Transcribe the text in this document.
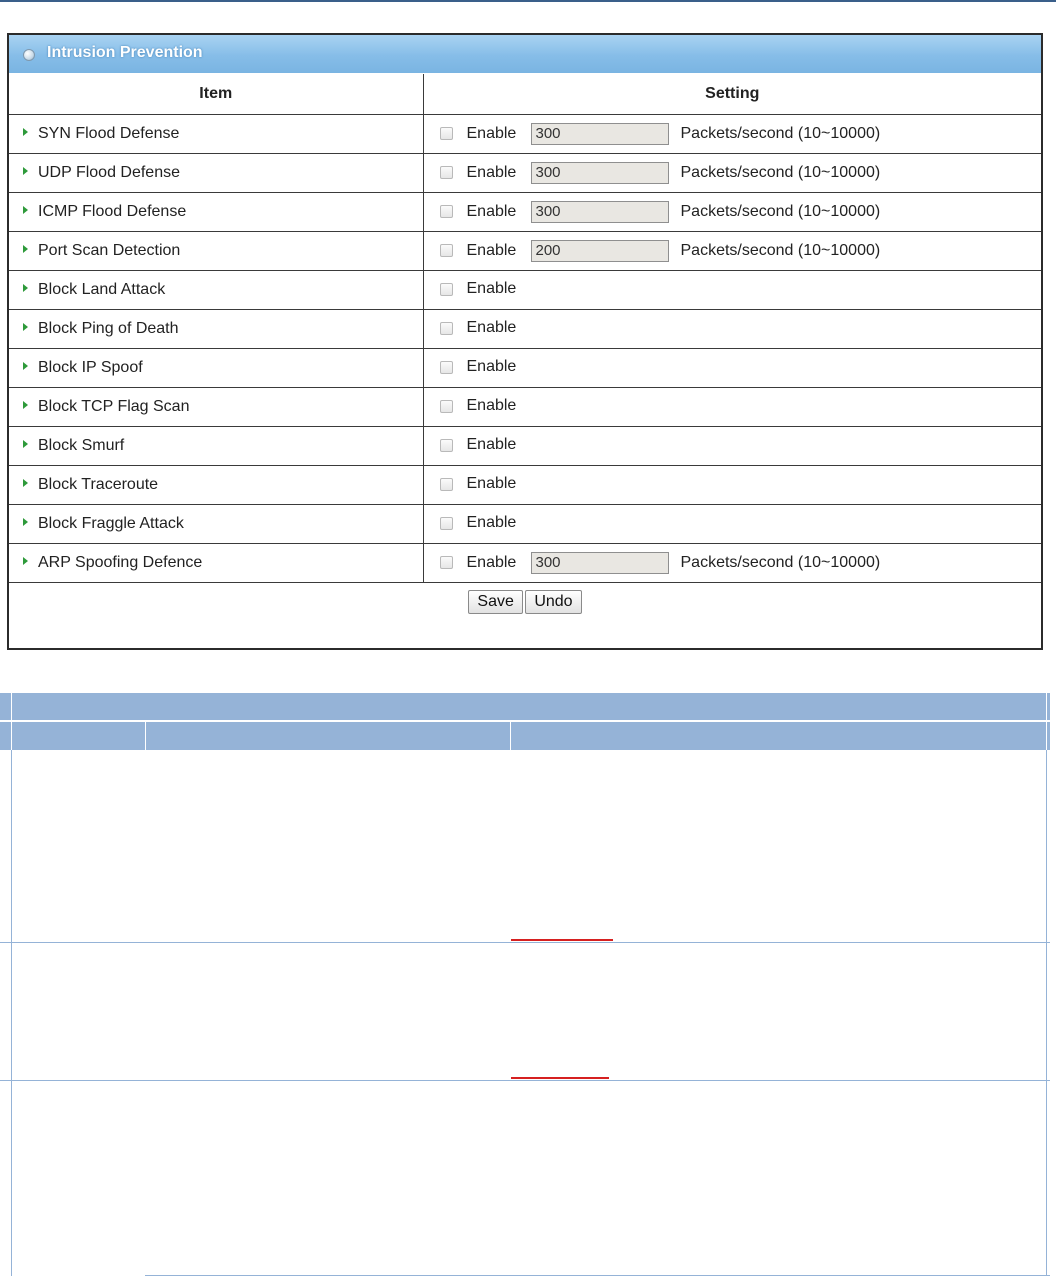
Intrusion Prevention
Item	Setting
SYN Flood Defense	Enable 300 Packets/second (10~10000)
UDP Flood Defense	Enable 300 Packets/second (10~10000)
ICMP Flood Defense	Enable 300 Packets/second (10~10000)
Port Scan Detection	Enable 200 Packets/second (10~10000)
Block Land Attack	Enable
Block Ping of Death	Enable
Block IP Spoof	Enable
Block TCP Flag Scan	Enable
Block Smurf	Enable
Block Traceroute	Enable
Block Fraggle Attack	Enable
ARP Spoofing Defence	Enable 300 Packets/second (10~10000)
Save Undo	
